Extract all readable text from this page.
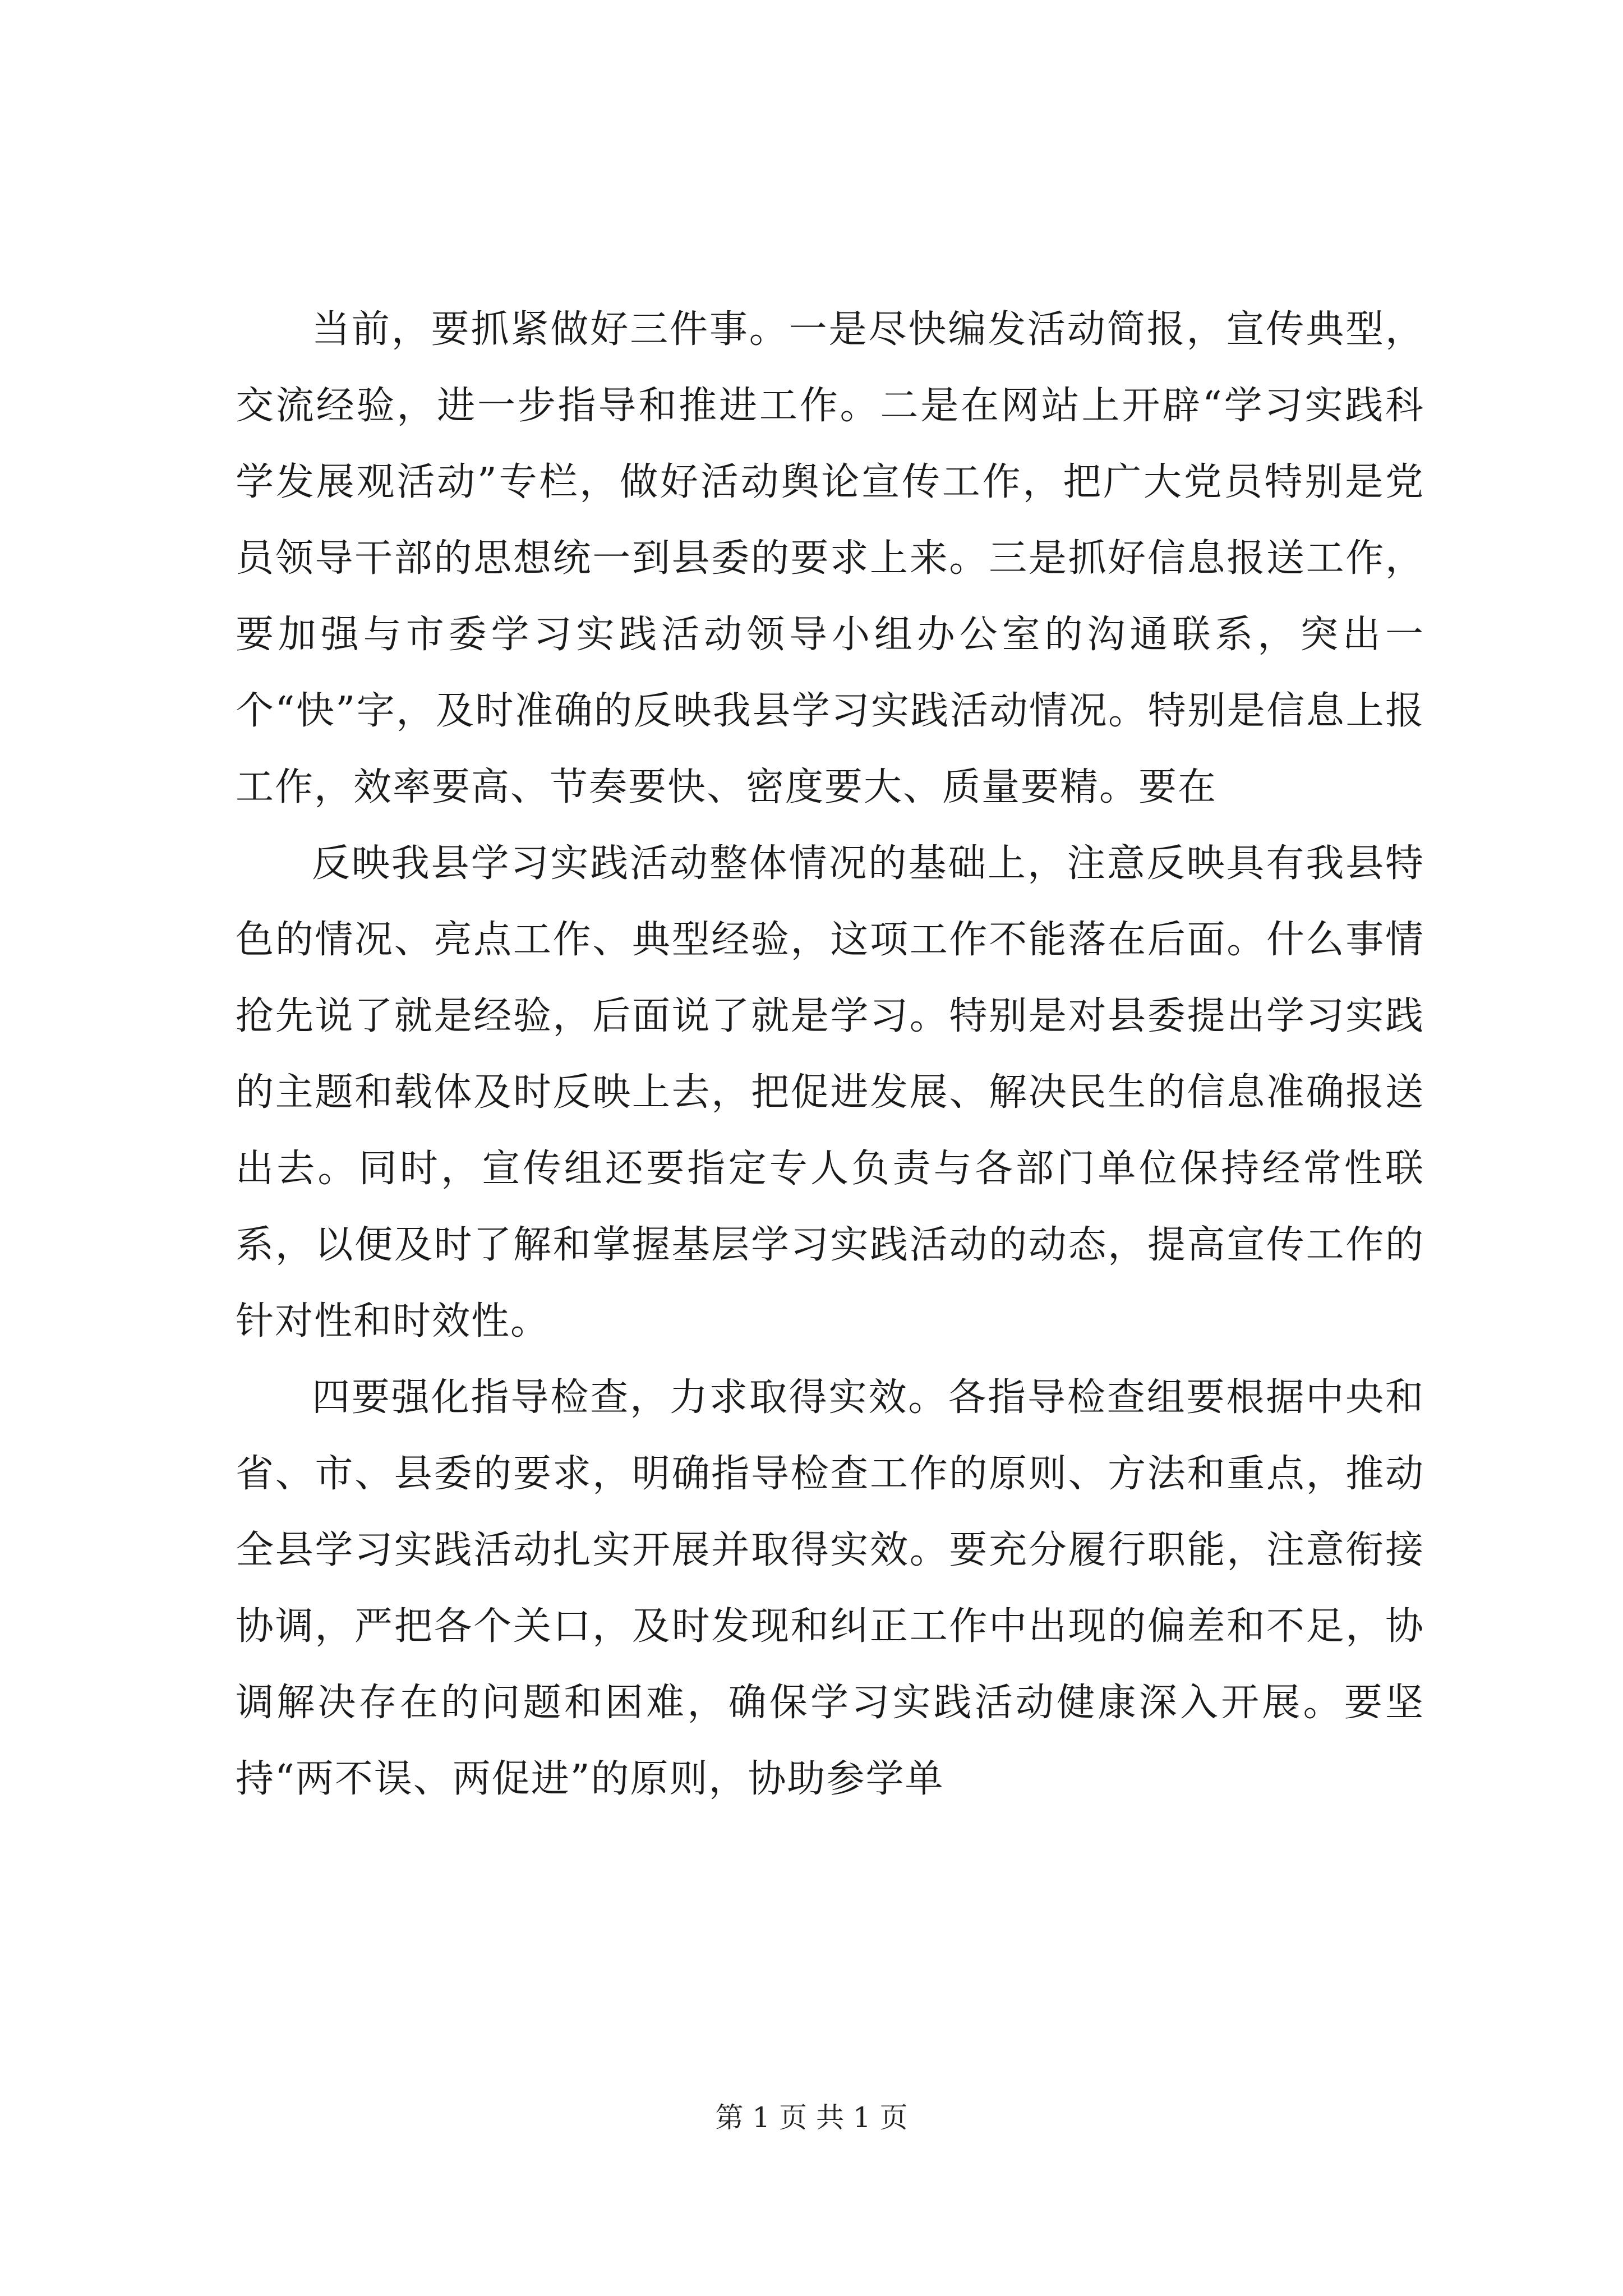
当前，要抓紧做好三件事。一是尽快编发活动简报，宣传典型，交流经验，进一步指导和推进工作。二是在网站上开辟“学习实践科学发展观活动”专栏，做好活动舆论宣传工作，把广大党员特别是党员领导干部的思想统一到县委的要求上来。三是抓好信息报送工作，要加强与市委学习实践活动领导小组办公室的沟通联系，突出一个“快”字，及时准确的反映我县学习实践活动情况。特别是信息上报工作，效率要高、节奏要快、密度要大、质量要精。要在

反映我县学习实践活动整体情况的基础上，注意反映具有我县特色的情况、亮点工作、典型经验，这项工作不能落在后面。什么事情抢先说了就是经验，后面说了就是学习。特别是对县委提出学习实践的主题和载体及时反映上去，把促进发展、解决民生的信息准确报送出去。同时，宣传组还要指定专人负责与各部门单位保持经常性联系，以便及时了解和掌握基层学习实践活动的动态，提高宣传工作的针对性和时效性。

四要强化指导检查，力求取得实效。各指导检查组要根据中央和省、市、县委的要求，明确指导检查工作的原则、方法和重点，推动全县学习实践活动扎实开展并取得实效。要充分履行职能，注意衔接协调，严把各个关口，及时发现和纠正工作中出现的偏差和不足，协调解决存在的问题和困难，确保学习实践活动健康深入开展。要坚持“两不误、两促进”的原则，协助参学单

第 1 页 共 1 页
